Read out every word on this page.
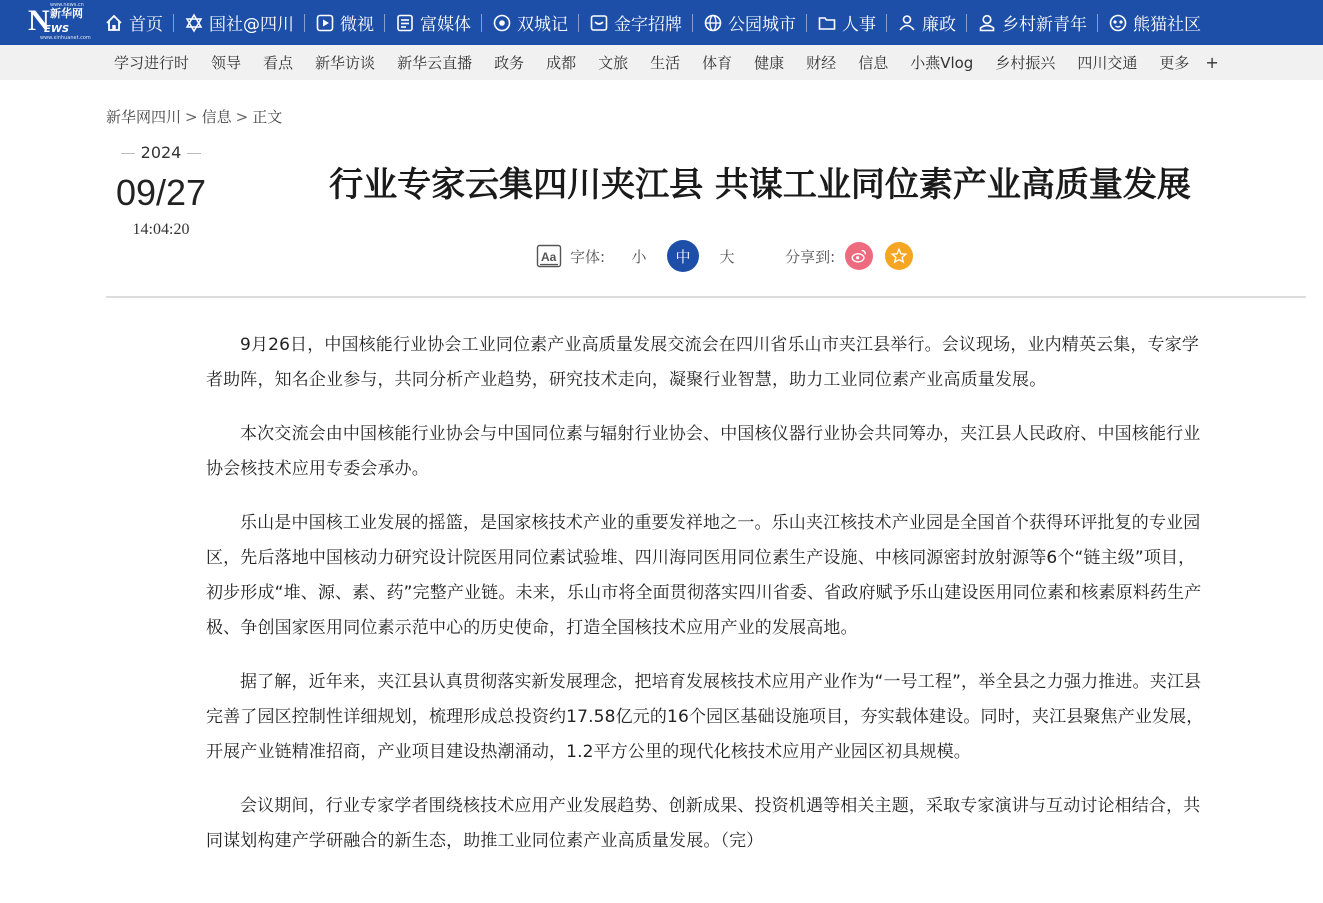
www.news.cn
N 新华网
EWS
www.xinhuanet.com
首页	国社@四川	微视	富媒体	双城记	金字招牌	公园城市	人事	廉政	乡村新青年	熊猫社区
学习进行时 领导 看点 新华访谈 新华云直播 政务 成都 文旅 生活 体育 健康 财经 信息 小燕Vlog 乡村振兴 四川交通 更多 +
新华网四川 > 信息 > 正文
2024
09/27
14:04:20
行业专家云集四川夹江县 共谋工业同位素产业高质量发展
Aa 字体:	小	中	大	分享到:

9月26日，中国核能行业协会工业同位素产业高质量发展交流会在四川省乐山市夹江县举行。会议现场，业内精英云集，专家学者助阵，知名企业参与，共同分析产业趋势，研究技术走向，凝聚行业智慧，助力工业同位素产业高质量发展。

本次交流会由中国核能行业协会与中国同位素与辐射行业协会、中国核仪器行业协会共同筹办，夹江县人民政府、中国核能行业协会核技术应用专委会承办。

乐山是中国核工业发展的摇篮，是国家核技术产业的重要发祥地之一。乐山夹江核技术产业园是全国首个获得环评批复的专业园区，先后落地中国核动力研究设计院医用同位素试验堆、四川海同医用同位素生产设施、中核同源密封放射源等6个“链主级”项目，初步形成“堆、源、素、药”完整产业链。未来，乐山市将全面贯彻落实四川省委、省政府赋予乐山建设医用同位素和核素原料药生产极、争创国家医用同位素示范中心的历史使命，打造全国核技术应用产业的发展高地。

据了解，近年来，夹江县认真贯彻落实新发展理念，把培育发展核技术应用产业作为“一号工程”，举全县之力强力推进。夹江县完善了园区控制性详细规划，梳理形成总投资约17.58亿元的16个园区基础设施项目，夯实载体建设。同时，夹江县聚焦产业发展，开展产业链精准招商，产业项目建设热潮涌动，1.2平方公里的现代化核技术应用产业园区初具规模。

会议期间，行业专家学者围绕核技术应用产业发展趋势、创新成果、投资机遇等相关主题，采取专家演讲与互动讨论相结合，共同谋划构建产学研融合的新生态，助推工业同位素产业高质量发展。（完）
